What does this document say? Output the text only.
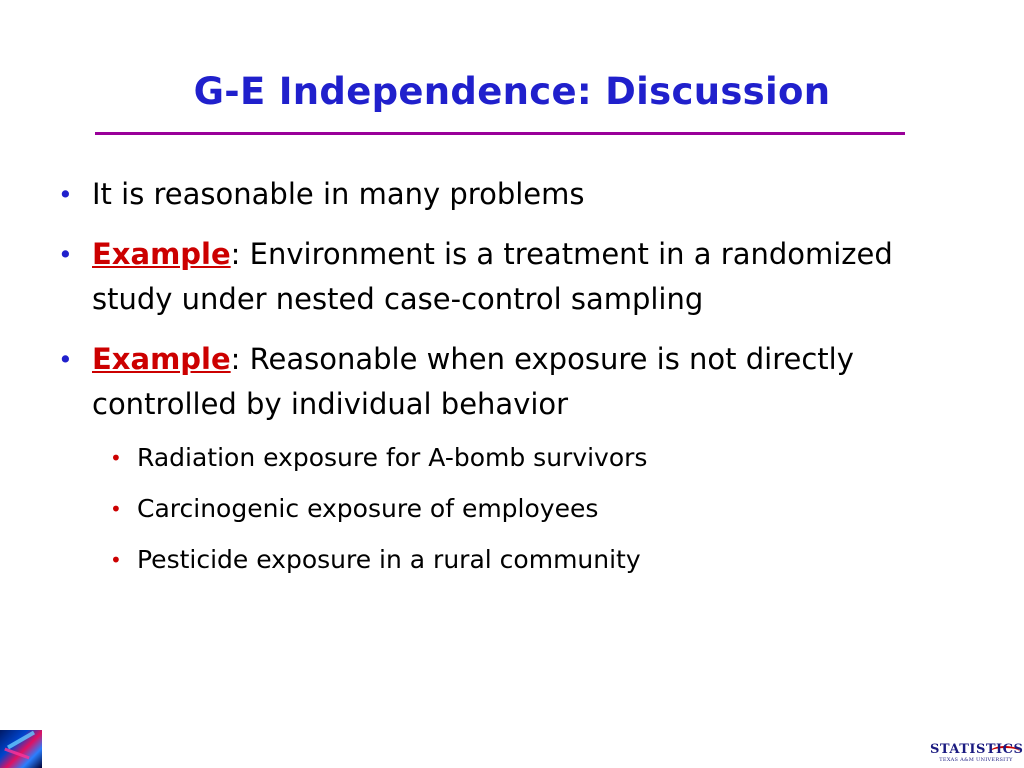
G-E Independence: Discussion
• It is reasonable in many problems
• Example: Environment is a treatment in a randomized study under nested case-control sampling
• Example: Reasonable when exposure is not directly controlled by individual behavior
• Radiation exposure for A-bomb survivors
• Carcinogenic exposure of employees
• Pesticide exposure in a rural community
STATISTICS
TEXAS A&M UNIVERSITY
